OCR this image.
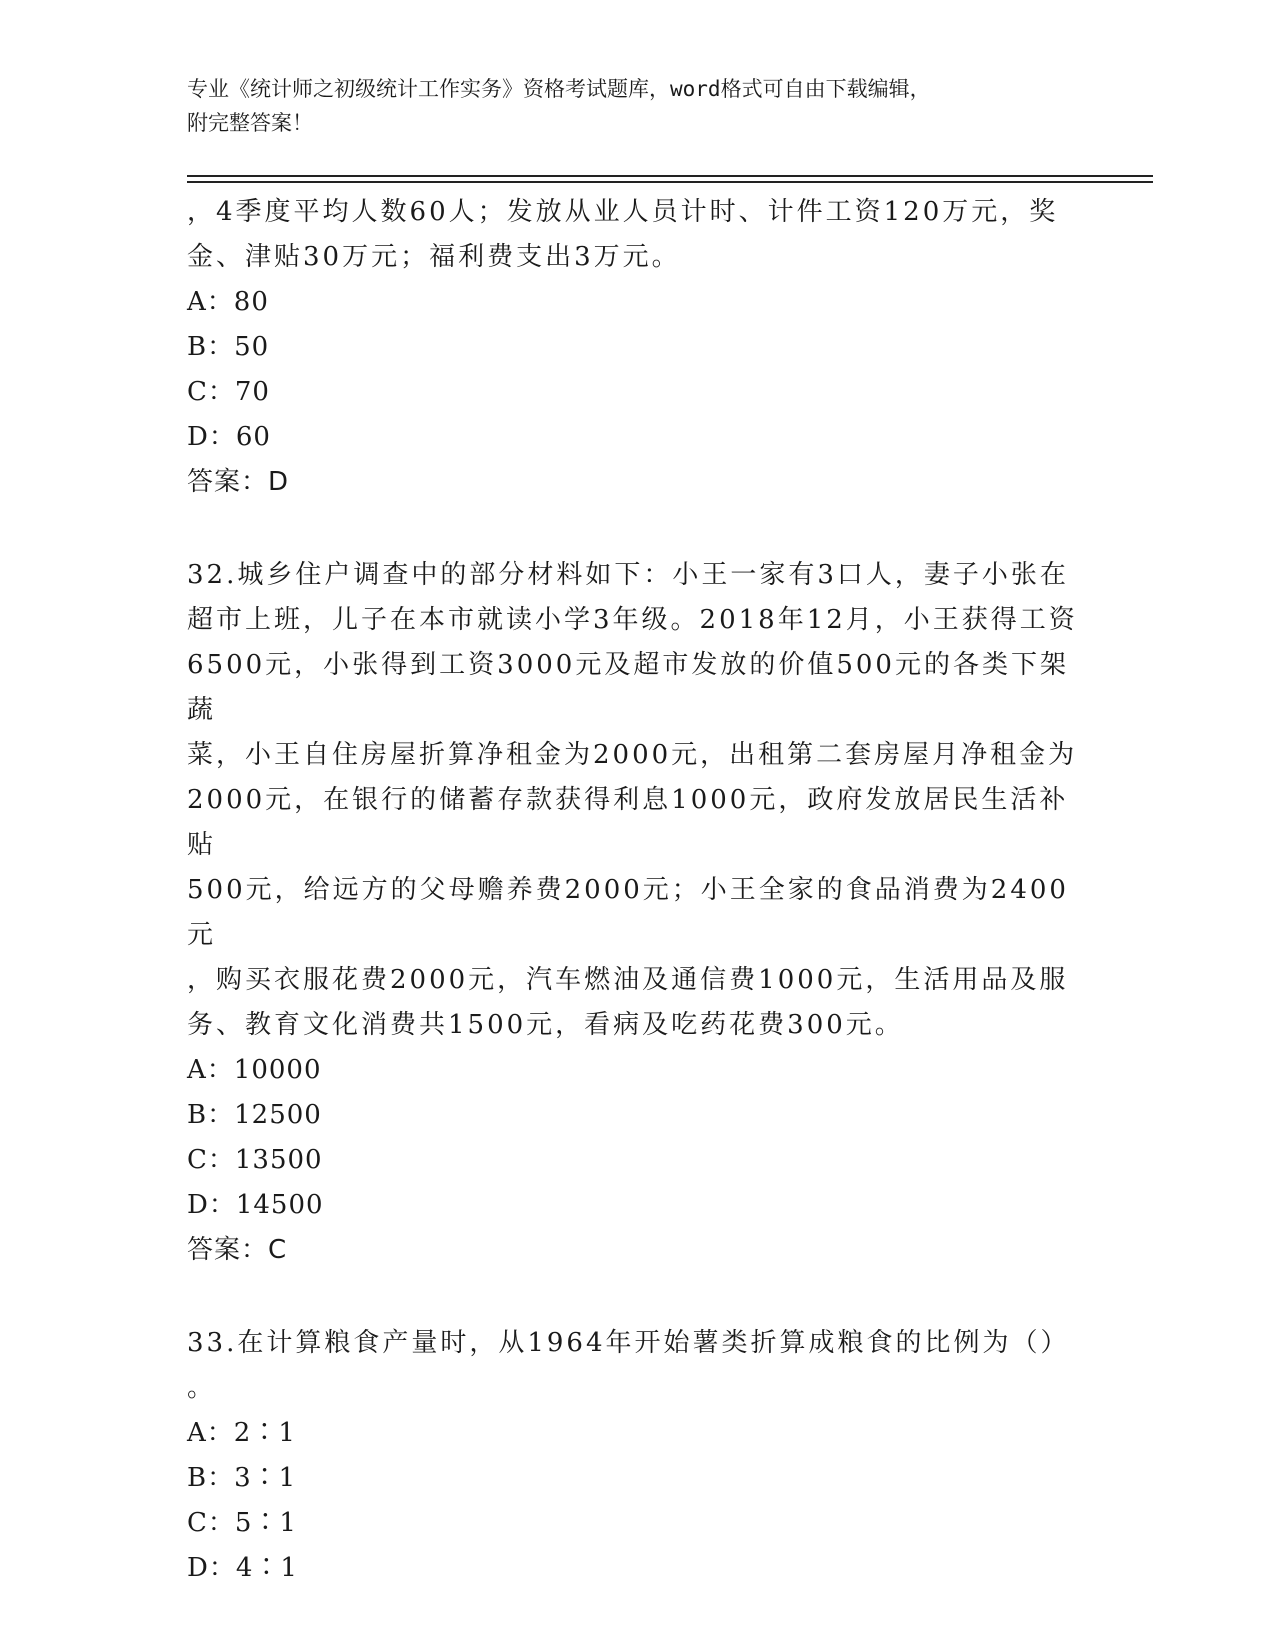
专业《统计师之初级统计工作实务》资格考试题库，word格式可自由下载编辑，
附完整答案！

，4季度平均人数60人；发放从业人员计时、计件工资120万元，奖

金、津贴30万元；福利费支出3万元。

A：80

B：50

C：70

D：60

答案：D

32.城乡住户调查中的部分材料如下：小王一家有3口人，妻子小张在

超市上班，儿子在本市就读小学3年级。2018年12月，小王获得工资

6500元，小张得到工资3000元及超市发放的价值500元的各类下架蔬

菜，小王自住房屋折算净租金为2000元，出租第二套房屋月净租金为

2000元，在银行的储蓄存款获得利息1000元，政府发放居民生活补贴

500元，给远方的父母赡养费2000元；小王全家的食品消费为2400元

，购买衣服花费2000元，汽车燃油及通信费1000元，生活用品及服

务、教育文化消费共1500元，看病及吃药花费300元。

A：10000

B：12500

C：13500

D：14500

答案：C

33.在计算粮食产量时，从1964年开始薯类折算成粮食的比例为（）

。

A：2∶1

B：3∶1

C：5∶1

D：4∶1
